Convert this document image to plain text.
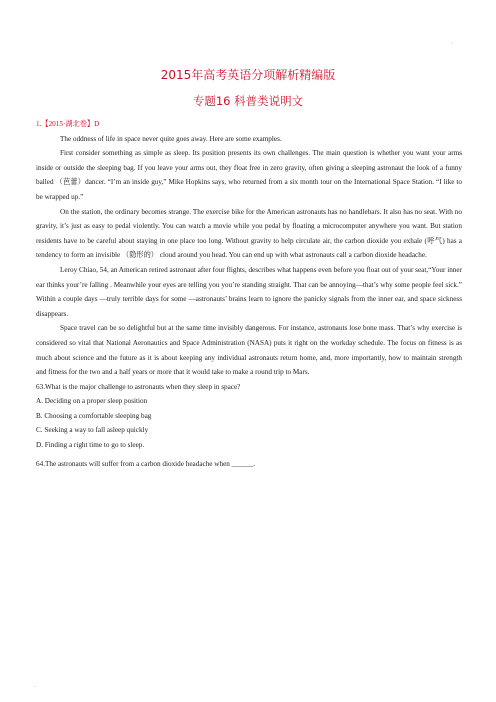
·
2015年高考英语分项解析精编版
专题16 科普类说明文

1.【2015·湖北卷】D

The oddness of life in space never quite goes away. Here are some examples.

First consider something as simple as sleep. Its position presents its own challenges. The main question is whether you want your arms inside or outside the sleeping bag. If you leave your arms out, they float free in zero gravity, often giving a sleeping astronaut the look of a funny balled （芭蕾）dancer. “I’m an inside guy,” Mike Hopkins says, who returned from a six month tour on the International Space Station. “I like to be wrapped up.”

On the station, the ordinary becomes strange. The exercise bike for the American astronauts has no handlebars. It also has no seat. With no gravity, it’s just as easy to pedal violently. You can watch a movie while you pedal by floating a microcomputer anywhere you want. But station residents have to be careful about staying in one place too long. Without gravity to help circulate air, the carbon dioxide you exhale (呼气) has a tendency to form an invisible （隐形的） cloud around you head. You can end up with what astronauts call a carbon dioxide headache.

Leroy Chiao, 54, an American retired astronaut after four flights, describes what happens even before you float out of your seat,“Your inner ear thinks your’re falling . Meanwhile your eyes are telling you you’re standing straight. That can be annoying—that’s why some people feel sick.” Within a couple days —truly terrible days for some —astronauts’ brains learn to ignore the panicky signals from the inner ear, and space sickness disappears.

Space travel can be so delightful but at the same time invisibly dangerous. For instance, astronauts lose bone mass. That’s why exercise is considered so vital that National Aeronautics and Space Administration (NASA) puts it right on the workday schedule. The focus on fitness is as much about science and the future as it is about keeping any individual astronauts return home, and, more importantly, how to maintain strength and fitness for the two and a half years or more that it would take to make a round trip to Mars.

63.What is the major challenge to astronauts when they sleep in space?

A. Deciding on a proper sleep position

B. Choosing a comfortable sleeping bag

C. Seeking a way to fall asleep quickly

D. Finding a right time to go to sleep.

64.The astronauts will suffer from a carbon dioxide headache when ______.

·
